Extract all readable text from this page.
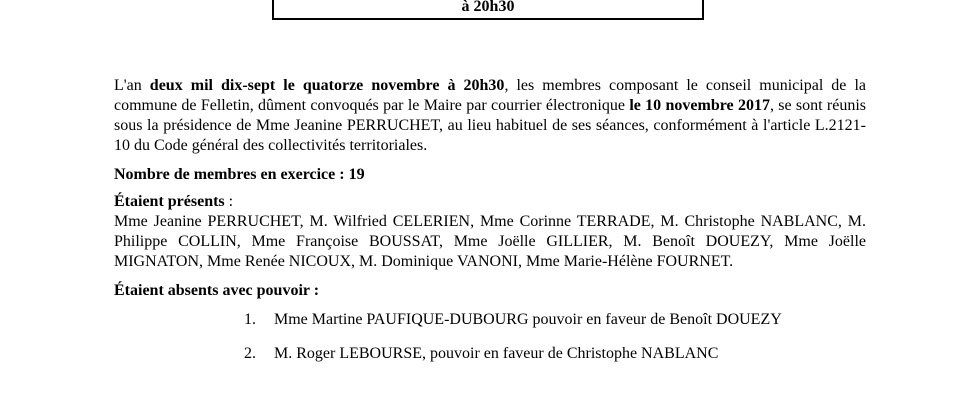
à 20h30

L'an deux mil dix-sept le quatorze novembre à 20h30, les membres composant le conseil municipal de la commune de Felletin, dûment convoqués par le Maire par courrier électronique le 10 novembre 2017, se sont réunis sous la présidence de Mme Jeanine PERRUCHET, au lieu habituel de ses séances, conformément à l'article L.2121-10 du Code général des collectivités territoriales.

Nombre de membres en exercice : 19

Étaient présents :

Mme Jeanine PERRUCHET, M. Wilfried CELERIEN, Mme Corinne TERRADE, M. Christophe NABLANC, M. Philippe COLLIN, Mme Françoise BOUSSAT, Mme Joëlle GILLIER, M. Benoît DOUEZY, Mme Joëlle MIGNATON, Mme Renée NICOUX, M. Dominique VANONI, Mme Marie-Hélène FOURNET.

Étaient absents avec pouvoir :

1. Mme Martine PAUFIQUE-DUBOURG pouvoir en faveur de Benoît DOUEZY
2. M. Roger LEBOURSE, pouvoir en faveur de Christophe NABLANC
